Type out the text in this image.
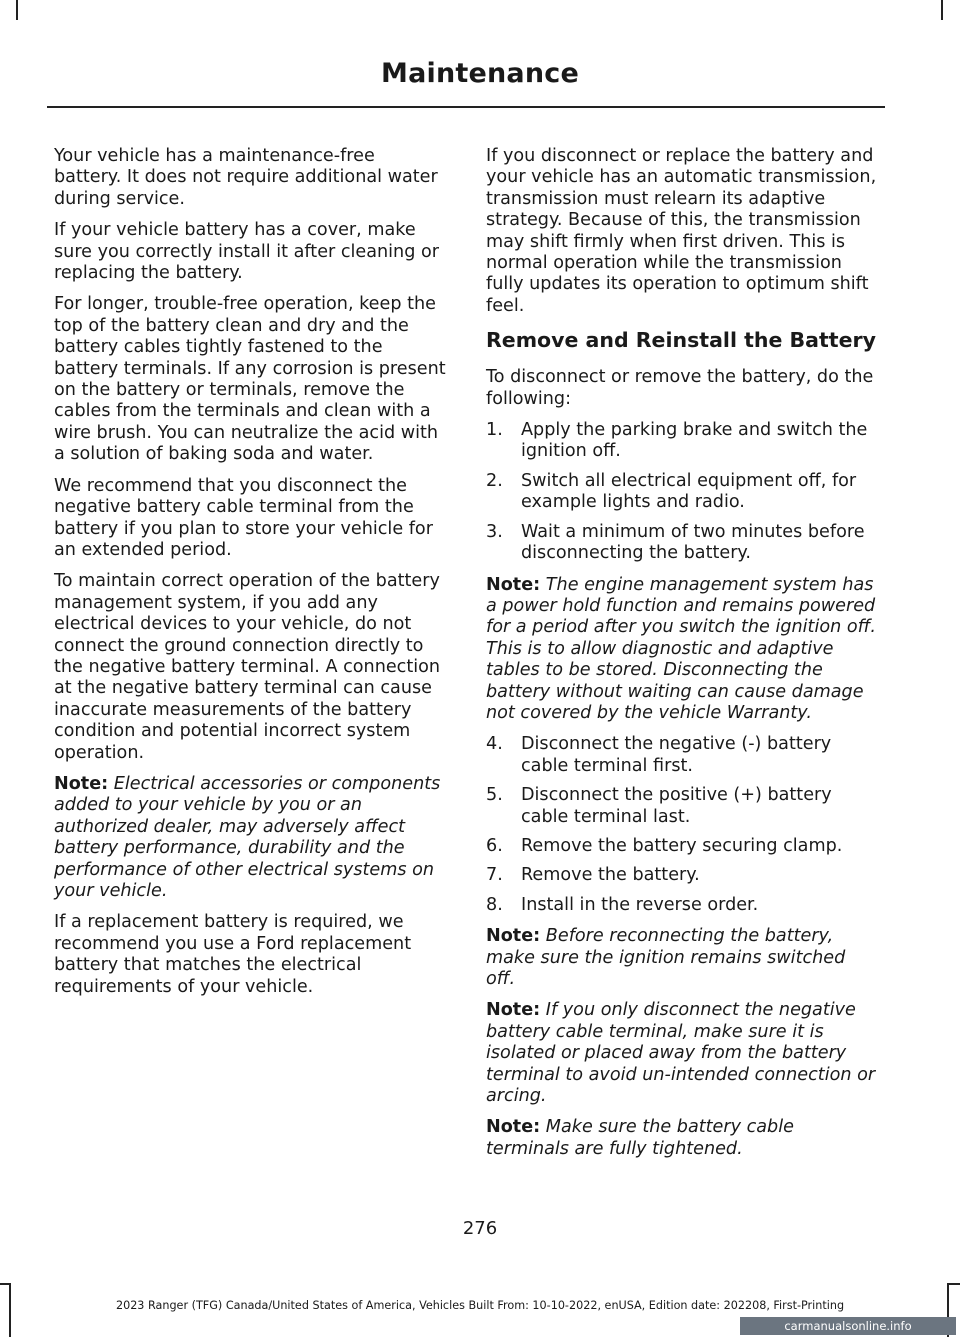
Maintenance

Your vehicle has a maintenance-free battery. It does not require additional water during service.

If your vehicle battery has a cover, make sure you correctly install it after cleaning or replacing the battery.

For longer, trouble-free operation, keep the top of the battery clean and dry and the battery cables tightly fastened to the battery terminals. If any corrosion is present on the battery or terminals, remove the cables from the terminals and clean with a wire brush. You can neutralize the acid with a solution of baking soda and water.

We recommend that you disconnect the negative battery cable terminal from the battery if you plan to store your vehicle for an extended period.

To maintain correct operation of the battery management system, if you add any electrical devices to your vehicle, do not connect the ground connection directly to the negative battery terminal. A connection at the negative battery terminal can cause inaccurate measurements of the battery condition and potential incorrect system operation.

Note: Electrical accessories or components added to your vehicle by you or an authorized dealer, may adversely affect battery performance, durability and the performance of other electrical systems on your vehicle.

If a replacement battery is required, we recommend you use a Ford replacement battery that matches the electrical requirements of your vehicle.

If you disconnect or replace the battery and your vehicle has an automatic transmission, transmission must relearn its adaptive strategy. Because of this, the transmission may shift firmly when first driven. This is normal operation while the transmission fully updates its operation to optimum shift feel.

Remove and Reinstall the Battery

To disconnect or remove the battery, do the following:

1. Apply the parking brake and switch the ignition off.
2. Switch all electrical equipment off, for example lights and radio.
3. Wait a minimum of two minutes before disconnecting the battery.

Note: The engine management system has a power hold function and remains powered for a period after you switch the ignition off. This is to allow diagnostic and adaptive tables to be stored. Disconnecting the battery without waiting can cause damage not covered by the vehicle Warranty.

4. Disconnect the negative (-) battery cable terminal first.
5. Disconnect the positive (+) battery cable terminal last.
6. Remove the battery securing clamp.
7. Remove the battery.
8. Install in the reverse order.

Note: Before reconnecting the battery, make sure the ignition remains switched off.

Note: If you only disconnect the negative battery cable terminal, make sure it is isolated or placed away from the battery terminal to avoid un-intended connection or arcing.

Note: Make sure the battery cable terminals are fully tightened.

276
2023 Ranger (TFG) Canada/United States of America, Vehicles Built From: 10-10-2022, enUSA, Edition date: 202208, First-Printing
carmanualsonline.info
